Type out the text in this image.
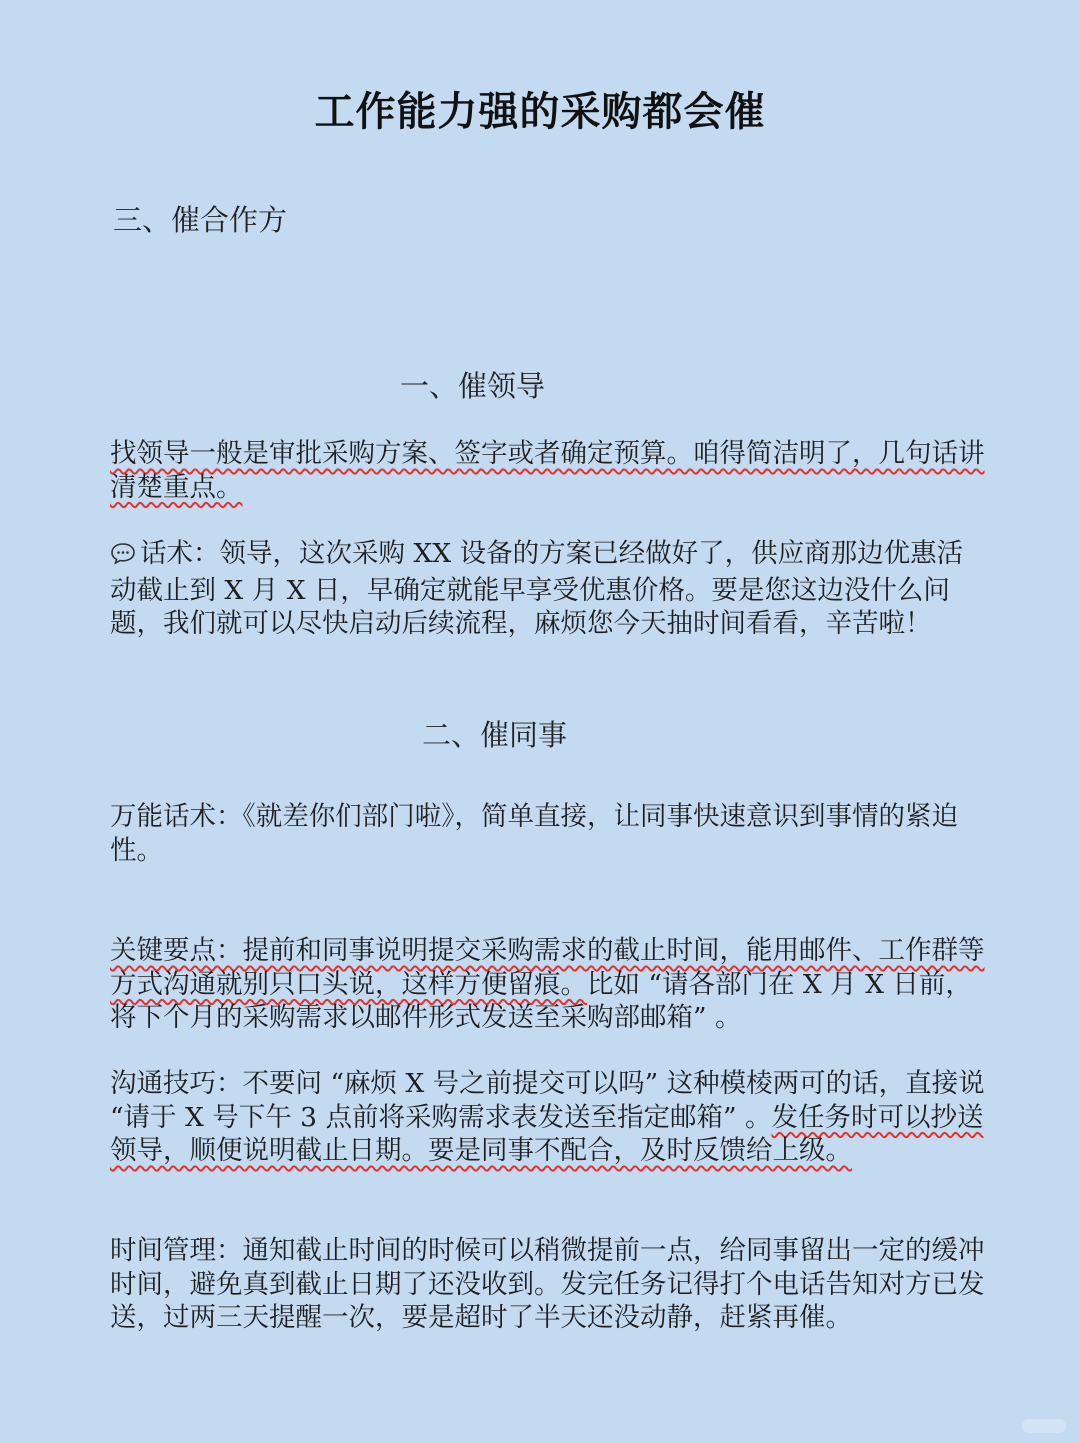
工作能力强的采购都会催
三、催合作方
一、催领导
找领导一般是审批采购方案、签字或者确定预算。咱得简洁明了，几句话讲清楚重点。
话术：领导，这次采购 XX 设备的方案已经做好了，供应商那边优惠活动截止到 X 月 X 日，早确定就能早享受优惠价格。要是您这边没什么问题，我们就可以尽快启动后续流程，麻烦您今天抽时间看看，辛苦啦！
二、催同事
万能话术：《就差你们部门啦》，简单直接，让同事快速意识到事情的紧迫性。
关键要点：提前和同事说明提交采购需求的截止时间，能用邮件、工作群等方式沟通就别只口头说，这样方便留痕。比如 “请各部门在 X 月 X 日前，将下个月的采购需求以邮件形式发送至采购部邮箱” 。
沟通技巧：不要问 “麻烦 X 号之前提交可以吗” 这种模棱两可的话，直接说 “请于 X 号下午 3 点前将采购需求表发送至指定邮箱” 。发任务时可以抄送领导，顺便说明截止日期。要是同事不配合，及时反馈给上级。
时间管理：通知截止时间的时候可以稍微提前一点，给同事留出一定的缓冲时间，避免真到截止日期了还没收到。发完任务记得打个电话告知对方已发送，过两三天提醒一次，要是超时了半天还没动静，赶紧再催。
